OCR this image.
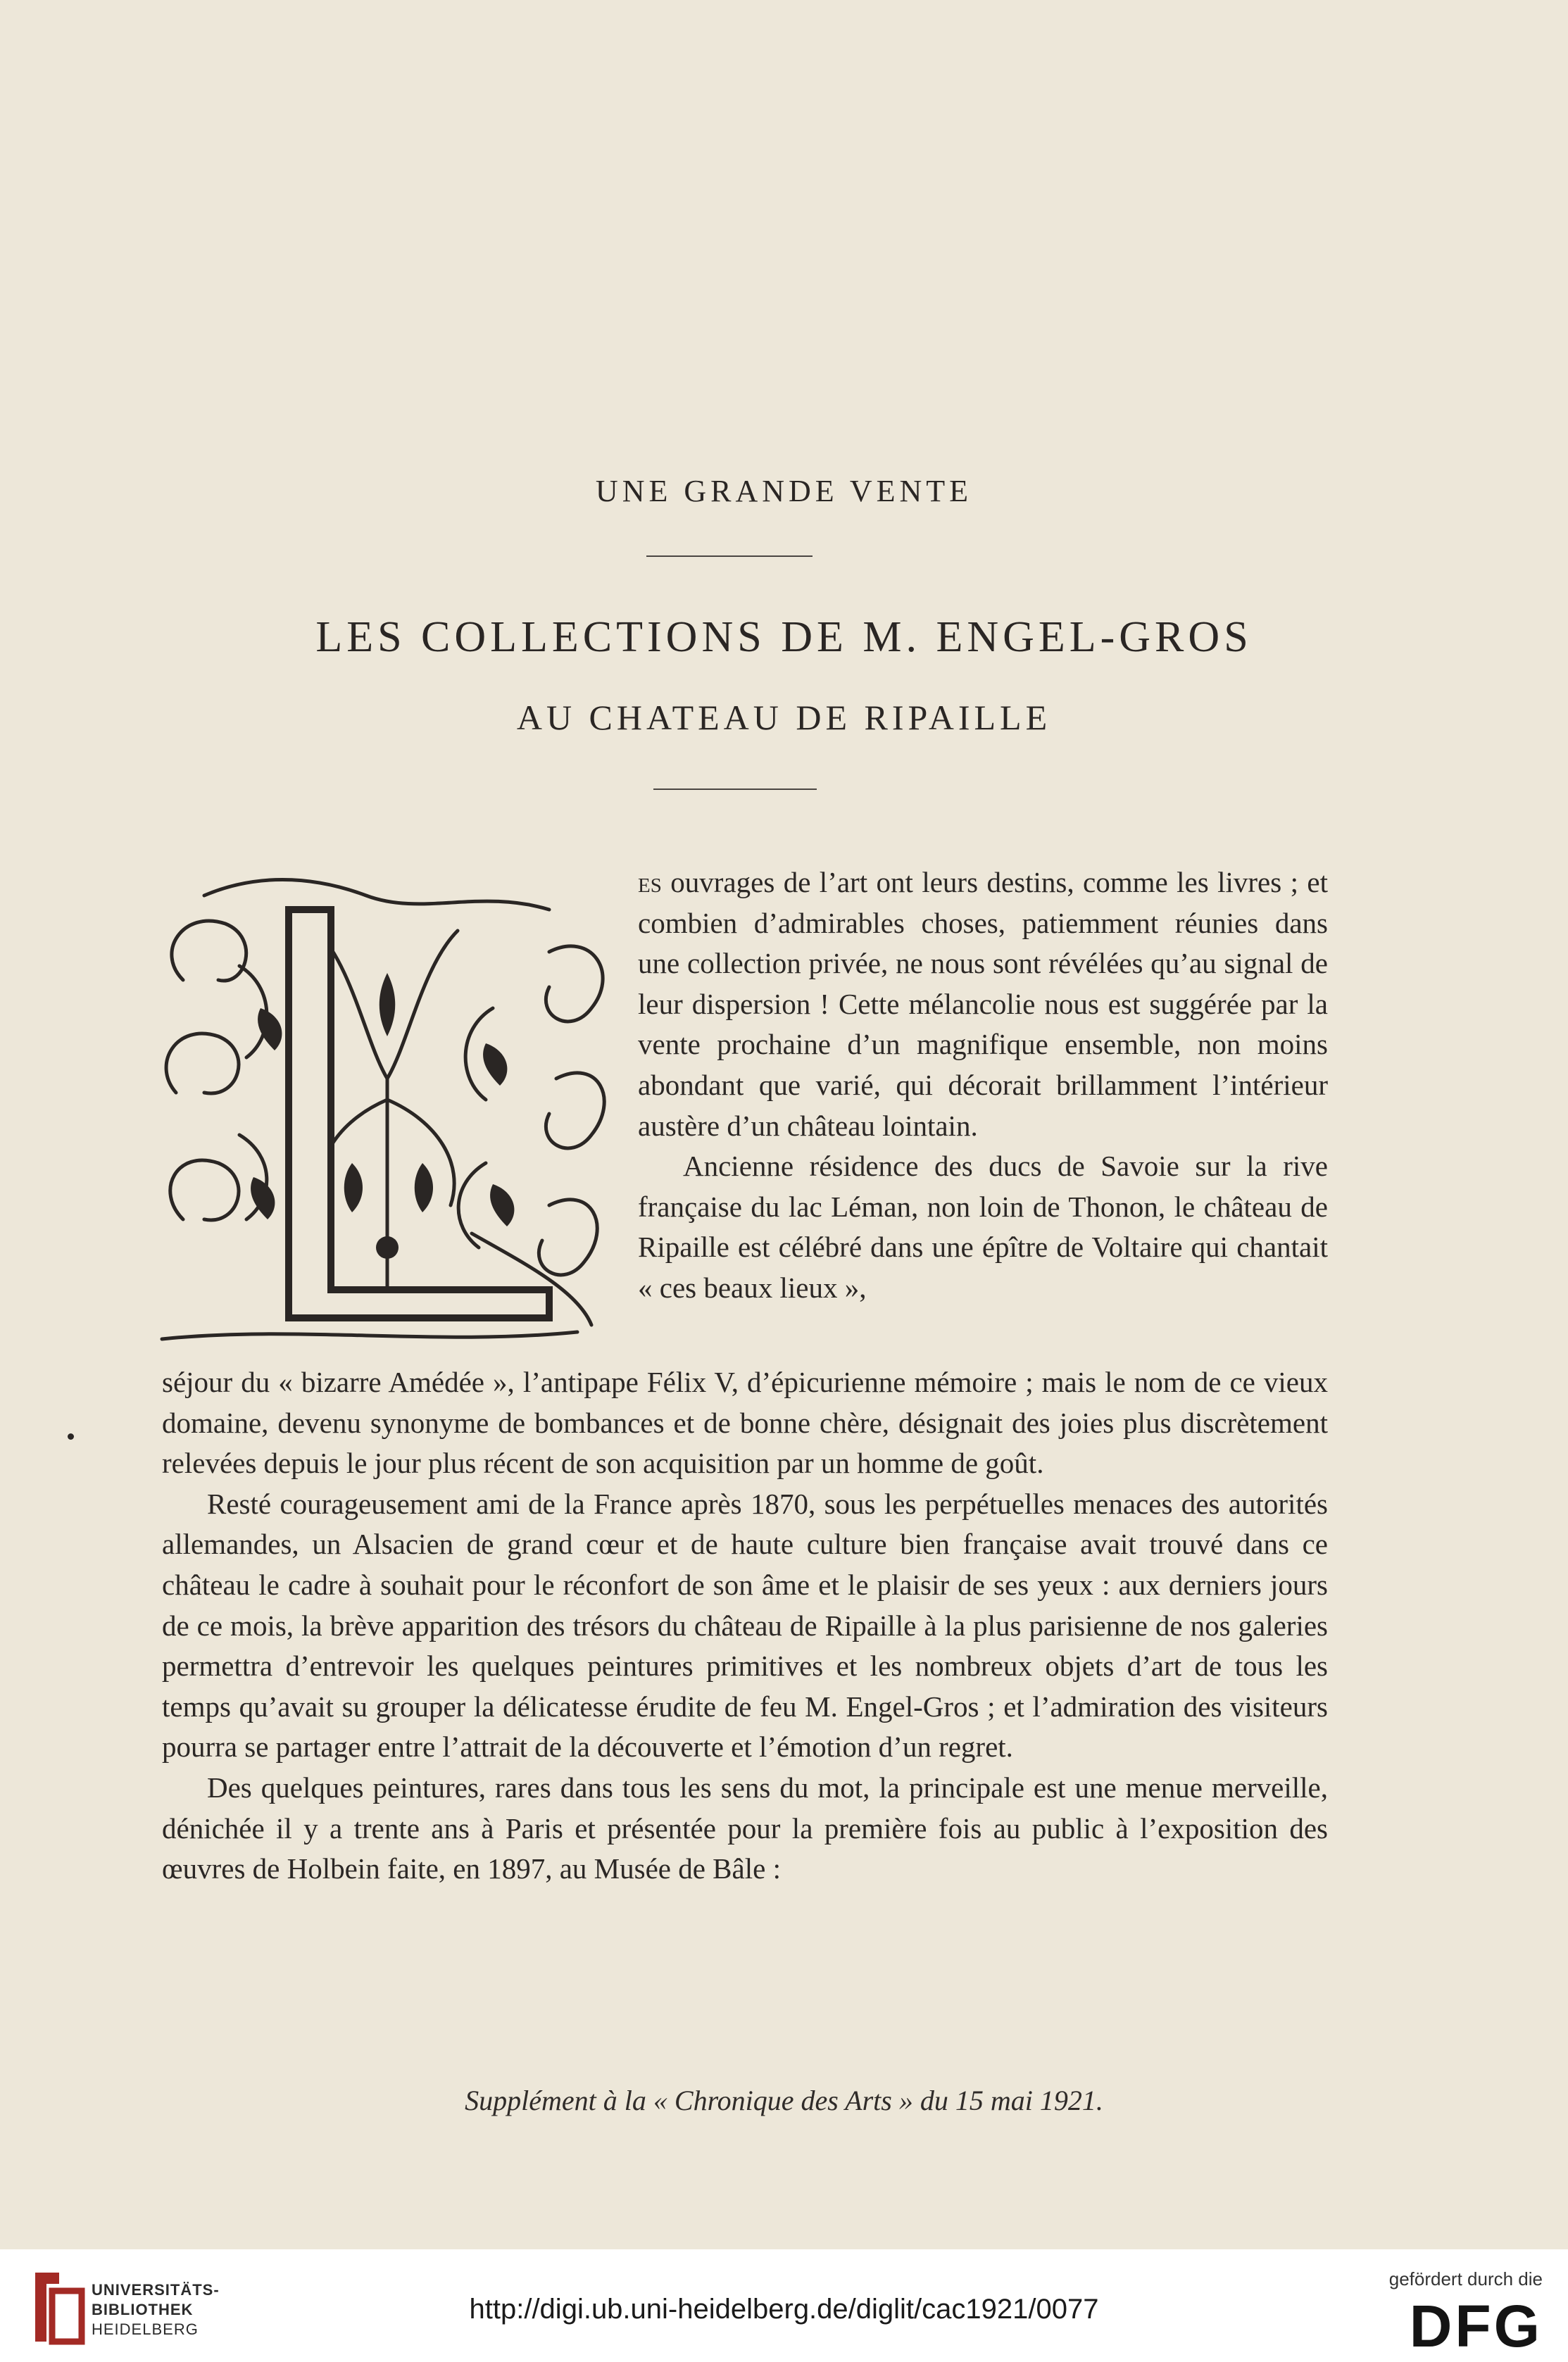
UNE GRANDE VENTE
LES COLLECTIONS DE M. ENGEL-GROS
AU CHATEAU DE RIPAILLE

es ouvrages de l’art ont leurs destins, comme les livres ; et combien d’admirables choses, patiemment réunies dans une collection privée, ne nous sont révélées qu’au signal de leur dispersion ! Cette mélancolie nous est suggérée par la vente prochaine d’un magnifique ensemble, non moins abondant que varié, qui décorait brillamment l’intérieur austère d’un château lointain.

Ancienne résidence des ducs de Savoie sur la rive française du lac Léman, non loin de Thonon, le château de Ripaille est célébré dans une épître de Voltaire qui chantait « ces beaux lieux »,

séjour du « bizarre Amédée », l’antipape Félix V, d’épicurienne mémoire ; mais le nom de ce vieux domaine, devenu synonyme de bombances et de bonne chère, désignait des joies plus discrètement relevées depuis le jour plus récent de son acquisition par un homme de goût.

Resté courageusement ami de la France après 1870, sous les perpétuelles menaces des autorités allemandes, un Alsacien de grand cœur et de haute culture bien française avait trouvé dans ce château le cadre à souhait pour le réconfort de son âme et le plaisir de ses yeux : aux derniers jours de ce mois, la brève apparition des trésors du château de Ripaille à la plus parisienne de nos galeries permettra d’entrevoir les quelques peintures primitives et les nombreux objets d’art de tous les temps qu’avait su grouper la délicatesse érudite de feu M. Engel-Gros ; et l’admiration des visiteurs pourra se partager entre l’attrait de la découverte et l’émotion d’un regret.

Des quelques peintures, rares dans tous les sens du mot, la principale est une menue merveille, dénichée il y a trente ans à Paris et présentée pour la première fois au public à l’exposition des œuvres de Holbein faite, en 1897, au Musée de Bâle :

Supplément à la « Chronique des Arts » du 15 mai 1921.
UNIVERSITÄTS-
BIBLIOTHEK
HEIDELBERG
http://digi.ub.uni-heidelberg.de/diglit/cac1921/0077
gefördert durch die
DFG
